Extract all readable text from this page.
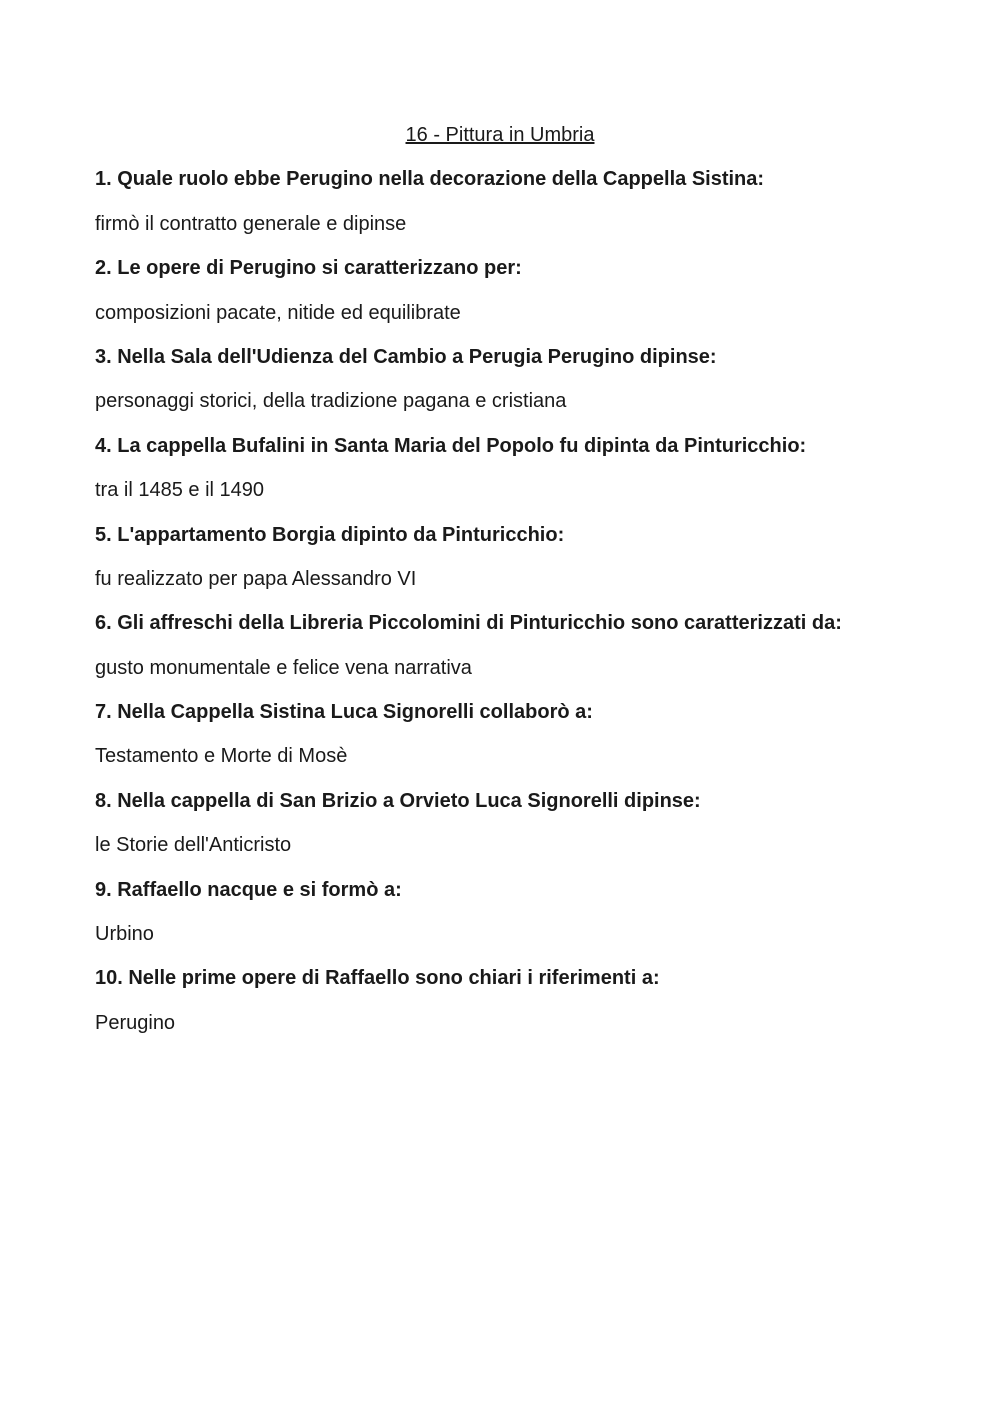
16 - Pittura in Umbria
1. Quale ruolo ebbe Perugino nella decorazione della Cappella Sistina:
firmò il contratto generale e dipinse
2. Le opere di Perugino si caratterizzano per:
composizioni pacate, nitide ed equilibrate
3. Nella Sala dell'Udienza del Cambio a Perugia Perugino dipinse:
personaggi storici, della tradizione pagana e cristiana
4. La cappella Bufalini in Santa Maria del Popolo fu dipinta da Pinturicchio:
tra il 1485 e il 1490
5. L'appartamento Borgia dipinto da Pinturicchio:
fu realizzato per papa Alessandro VI
6. Gli affreschi della Libreria Piccolomini di Pinturicchio sono caratterizzati da:
gusto monumentale e felice vena narrativa
7. Nella Cappella Sistina Luca Signorelli collaborò a:
Testamento e Morte di Mosè
8. Nella cappella di San Brizio a Orvieto Luca Signorelli dipinse:
le Storie dell'Anticristo
9. Raffaello nacque e si formò a:
Urbino
10. Nelle prime opere di Raffaello sono chiari i riferimenti a:
Perugino
